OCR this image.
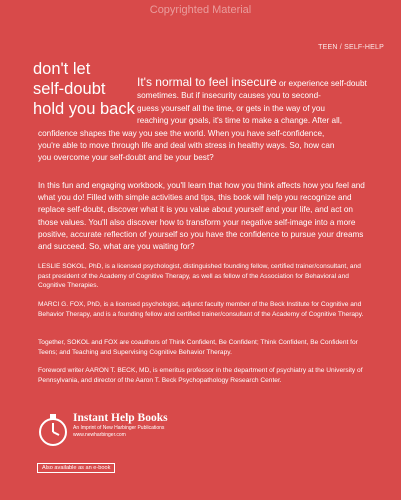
Copyrighted Material
TEEN / SELF-HELP
don't let
self-doubt
hold you back
It's normal to feel insecure or experience self-doubt
sometimes. But if insecurity causes you to second-
guess yourself all the time, or gets in the way of you
reaching your goals, it's time to make a change. After all,
confidence shapes the way you see the world. When you have self-confidence,
you're able to move through life and deal with stress in healthy ways. So, how can
you overcome your self-doubt and be your best?
In this fun and engaging workbook, you'll learn that how you think affects how you feel and what you do! Filled with simple activities and tips, this book will help you recognize and replace self-doubt, discover what it is you value about yourself and your life, and act on those values. You'll also discover how to transform your negative self-image into a more positive, accurate reflection of yourself so you have the confidence to pursue your dreams and succeed. So, what are you waiting for?
LESLIE SOKOL, PhD, is a licensed psychologist, distinguished founding fellow, certified trainer/consultant, and past president of the Academy of Cognitive Therapy, as well as fellow of the Association for Behavioral and Cognitive Therapies.
MARCI G. FOX, PhD, is a licensed psychologist, adjunct faculty member of the Beck Institute for Cognitive and Behavior Therapy, and is a founding fellow and certified trainer/consultant of the Academy of Cognitive Therapy.
Together, SOKOL and FOX are coauthors of Think Confident, Be Confident; Think Confident, Be Confident for Teens; and Teaching and Supervising Cognitive Behavior Therapy.
Foreword writer AARON T. BECK, MD, is emeritus professor in the department of psychiatry at the University of Pennsylvania, and director of the Aaron T. Beck Psychopathology Research Center.
Instant Help Books
An Imprint of New Harbinger Publications
www.newharbinger.com
Also available as an e-book
